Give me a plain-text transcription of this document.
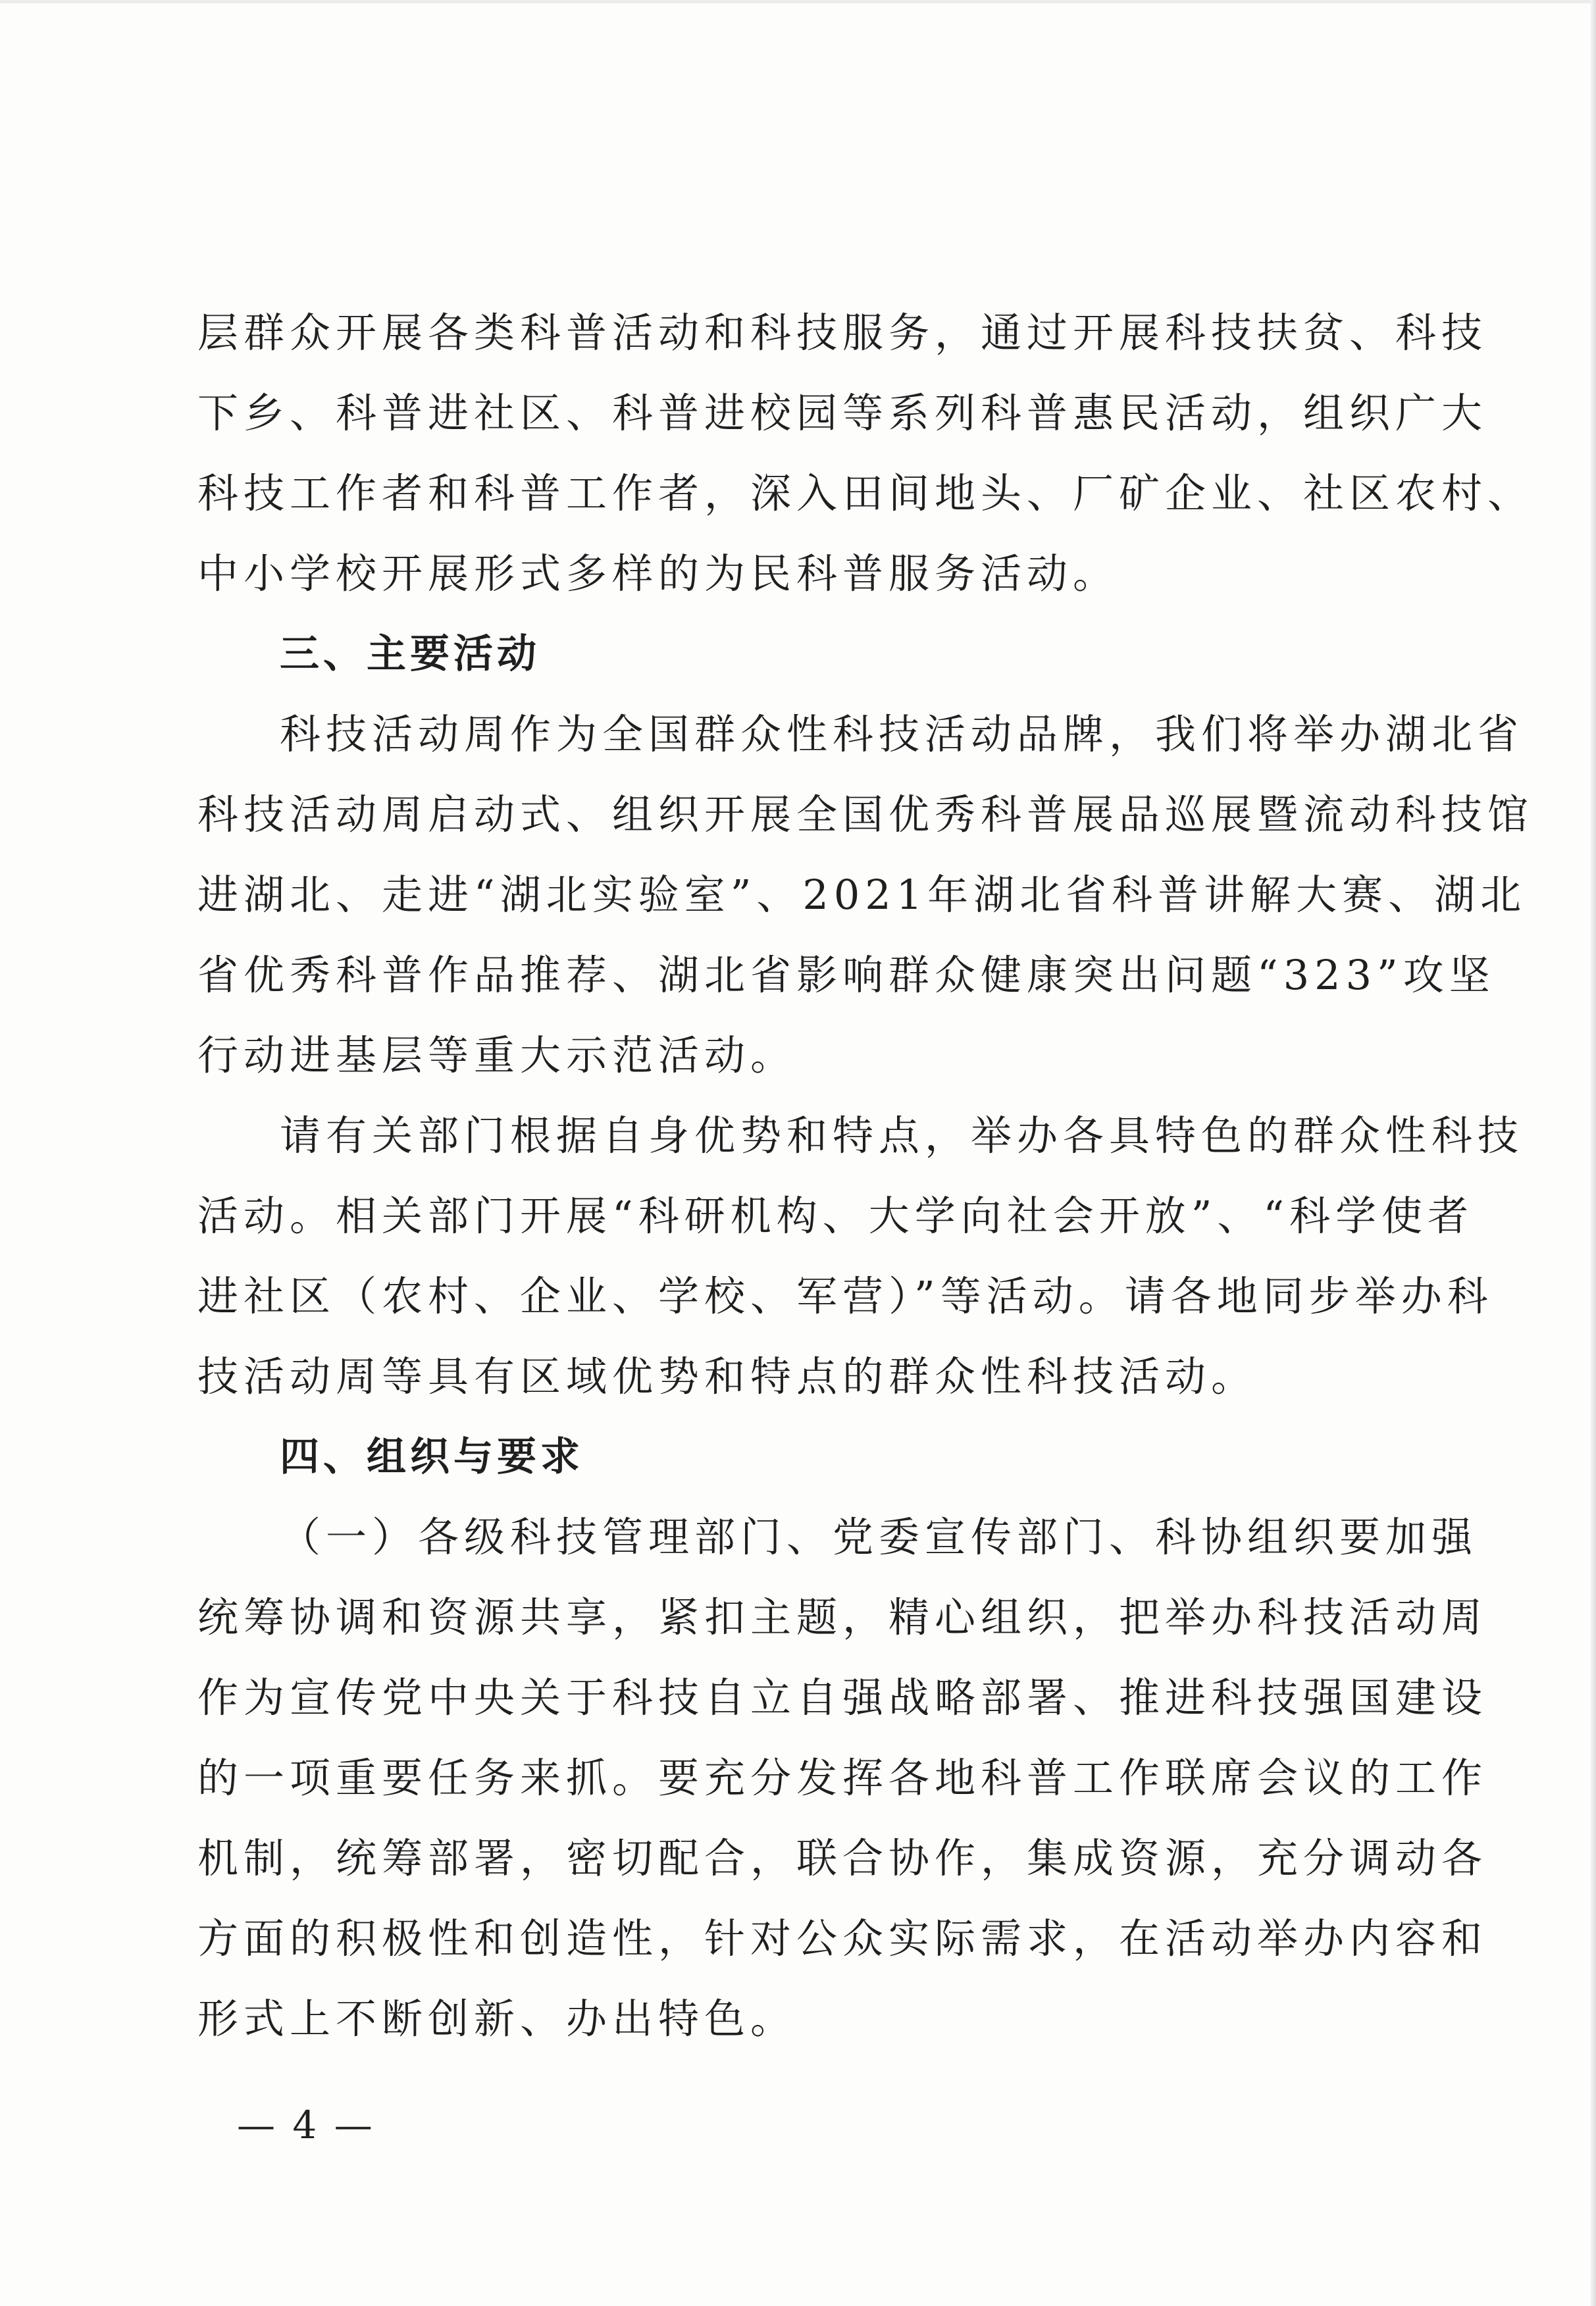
层群众开展各类科普活动和科技服务，通过开展科技扶贫、科技

下乡、科普进社区、科普进校园等系列科普惠民活动，组织广大

科技工作者和科普工作者，深入田间地头、厂矿企业、社区农村、

中小学校开展形式多样的为民科普服务活动。

三、主要活动

科技活动周作为全国群众性科技活动品牌，我们将举办湖北省

科技活动周启动式、组织开展全国优秀科普展品巡展暨流动科技馆

进湖北、走进“湖北实验室”、2021年湖北省科普讲解大赛、湖北

省优秀科普作品推荐、湖北省影响群众健康突出问题“323”攻坚

行动进基层等重大示范活动。

请有关部门根据自身优势和特点，举办各具特色的群众性科技

活动。相关部门开展“科研机构、大学向社会开放”、“科学使者

进社区（农村、企业、学校、军营）”等活动。请各地同步举办科

技活动周等具有区域优势和特点的群众性科技活动。

四、组织与要求

（一）各级科技管理部门、党委宣传部门、科协组织要加强

统筹协调和资源共享，紧扣主题，精心组织，把举办科技活动周

作为宣传党中央关于科技自立自强战略部署、推进科技强国建设

的一项重要任务来抓。要充分发挥各地科普工作联席会议的工作

机制，统筹部署，密切配合，联合协作，集成资源，充分调动各

方面的积极性和创造性，针对公众实际需求，在活动举办内容和

形式上不断创新、办出特色。

— 4 —
